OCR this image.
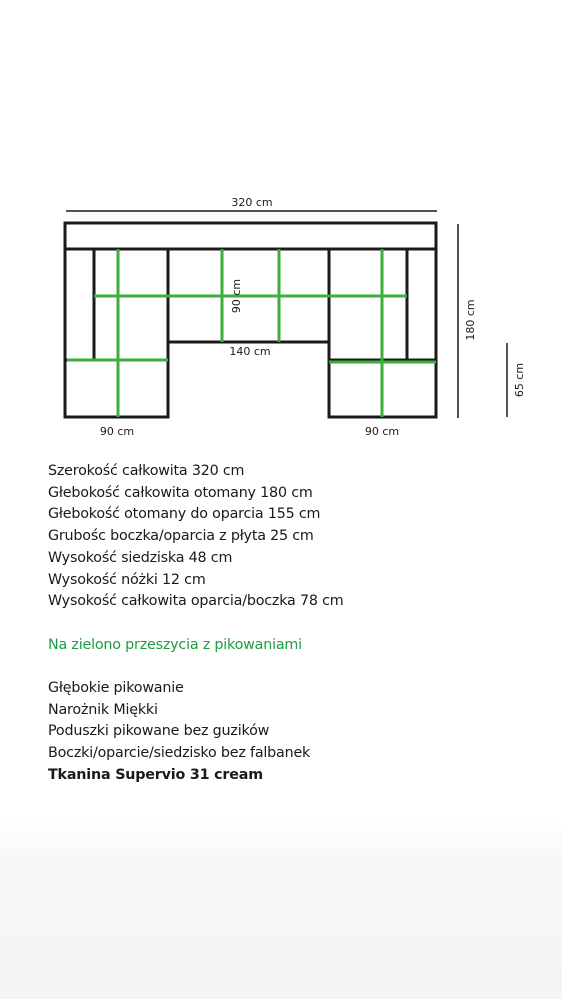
320 cm
90 cm
140 cm
90 cm	90 cm
180 cm
65 cm
Szerokość całkowita 320 cm
Głebokość całkowita otomany 180 cm
Głebokość otomany do oparcia 155 cm
Grubośc boczka/oparcia z płyta 25 cm
Wysokość siedziska 48 cm
Wysokość nóżki 12 cm
Wysokość całkowita oparcia/boczka 78 cm
Na zielono przeszycia z pikowaniami
Głębokie pikowanie
Narożnik Miękki
Poduszki pikowane bez guzików
Boczki/oparcie/siedzisko bez falbanek
Tkanina Supervio 31 cream
